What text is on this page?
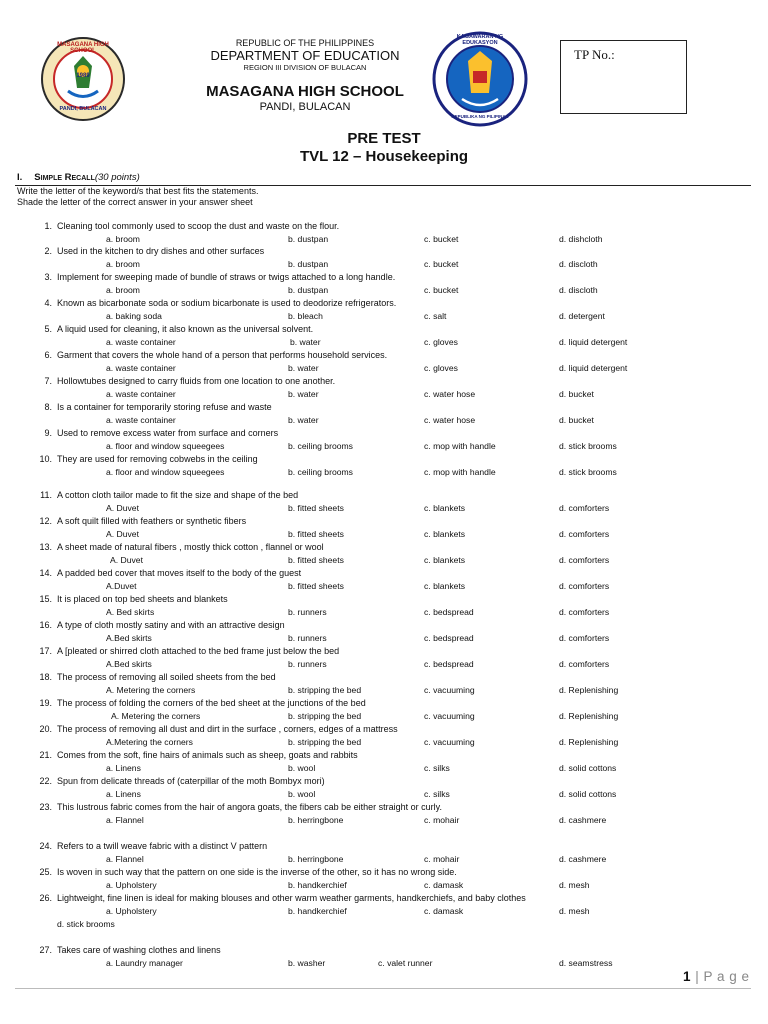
MASAGANA HIGH SCHOOL
1989
PANDI, BULACAN
REPUBLIC OF THE PHILIPPINES
DEPARTMENT OF EDUCATION
REGION III DIVISION OF BULACAN
MASAGANA HIGH SCHOOL
PANDI, BULACAN
KAGAWARAN NG EDUKASYON
REPUBLIKA NG PILIPINAS
TP No.:
PRE TEST
TVL 12 – Housekeeping
I. Simple Recall(30 points)
Write the letter of the keyword/s that best fits the statements.
Shade the letter of the correct answer in your answer sheet
1. Cleaning tool commonly used to scoop the dust and waste on the flour.
a. broom	b. dustpan	c. bucket	d. dishcloth
2. Used in the kitchen to dry dishes and other surfaces
a. broom	b. dustpan	c. bucket	d. discloth
3. Implement for sweeping made of bundle of straws or twigs attached to a long handle.
a. broom	b. dustpan	c. bucket	d. discloth
4. Known as bicarbonate soda or sodium bicarbonate is used to deodorize refrigerators.
a. baking soda	b. bleach	c. salt	d. detergent
5. A liquid used for cleaning, it also known as the universal solvent.
a. waste container	b. water	c. gloves	d. liquid detergent
6. Garment that covers the whole hand of a person that performs household services.
a. waste container	b. water	c. gloves	d. liquid detergent
7. Hollowtubes designed to carry fluids from one location to one another.
a. waste container	b. water	c. water hose	d. bucket
8. Is a container for temporarily storing refuse and waste
a. waste container	b. water	c. water hose	d. bucket
9. Used to remove excess water from surface and corners
a. floor and window squeegees	b. ceiling brooms	c. mop with handle	d. stick brooms
10. They are used for removing cobwebs in the ceiling
a. floor and window squeegees	b. ceiling brooms	c. mop with handle	d. stick brooms
11. A cotton cloth tailor made to fit the size and shape of the bed
A. Duvet	b. fitted sheets	c. blankets	d. comforters
12. A soft quilt filled with feathers or synthetic fibers
A. Duvet	b. fitted sheets	c. blankets	d. comforters
13. A sheet made of natural fibers , mostly thick cotton , flannel or wool
A. Duvet	b. fitted sheets	c. blankets	d. comforters
14. A padded bed cover that moves itself to the body of the guest
A.Duvet	b. fitted sheets	c. blankets	d. comforters
15. It is placed on top bed sheets and blankets
A. Bed skirts	b. runners	c. bedspread	d. comforters
16. A type of cloth mostly satiny and with an attractive design
A.Bed skirts	b. runners	c. bedspread	d. comforters
17. A [pleated or shirred cloth attached to the bed frame just below the bed
A.Bed skirts	b. runners	c. bedspread	d. comforters
18. The process of removing all soiled sheets from the bed
A. Metering the corners	b. stripping the bed	c. vacuuming	d. Replenishing
19. The process of folding the corners of the bed sheet at the junctions of the bed
A. Metering the corners	b. stripping the bed	c. vacuuming	d. Replenishing
20. The process of removing all dust and dirt in the surface , corners, edges of a mattress
A.Metering the corners	b. stripping the bed	c. vacuuming	d. Replenishing
21. Comes from the soft, fine hairs of animals such as sheep, goats and rabbits
a. Linens	b. wool	c. silks	d. solid cottons
22. Spun from delicate threads of (caterpillar of the moth Bombyx mori)
a. Linens	b. wool	c. silks	d. solid cottons
23. This lustrous fabric comes from the hair of angora goats, the fibers cab be either straight or curly.
a. Flannel	b. herringbone	c. mohair	d. cashmere
24. Refers to a twill weave fabric with a distinct V pattern
a. Flannel	b. herringbone	c. mohair	d. cashmere
25. Is woven in such way that the pattern on one side is the inverse of the other, so it has no wrong side.
a. Upholstery	b. handkerchief	c. damask	d. mesh
26. Lightweight, fine linen is ideal for making blouses and other warm weather garments, handkerchiefs, and baby clothes
a. Upholstery	b. handkerchief	c. damask	d. mesh
d. stick brooms
27. Takes care of washing clothes and linens
a. Laundry manager	b. washer	c. valet runner	d. seamstress
1 | P a g e
